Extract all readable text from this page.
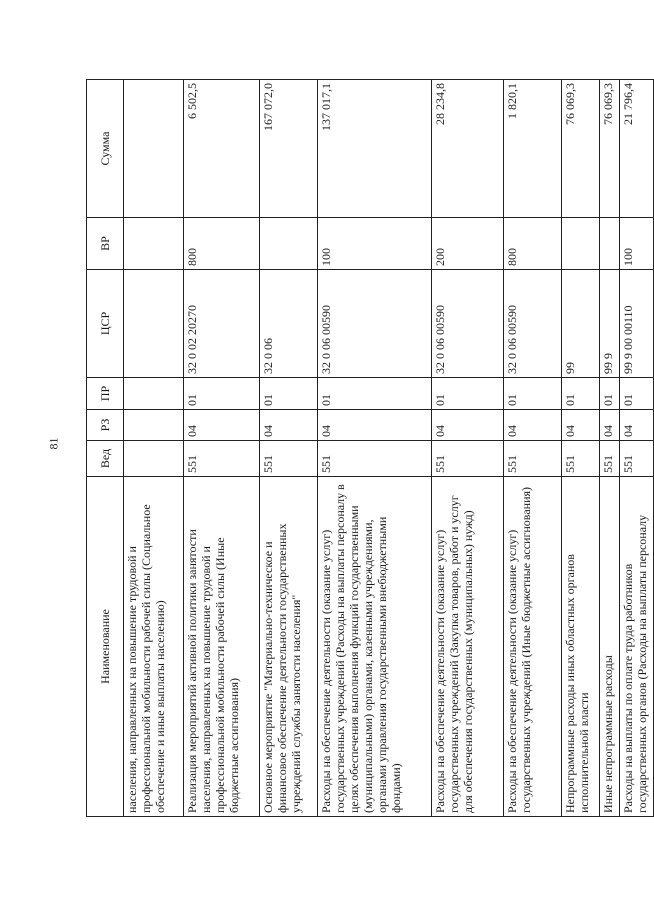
81
Наименование	Вед	РЗ	ПР	ЦСР	ВР	Сумма
населения, направленных на повышение трудовой и профессиональной мобильности рабочей силы (Социальное обеспечение и иные выплаты населению)						
Реализация мероприятий активной политики занятости населения, направленных на повышение трудовой и профессиональной мобильности рабочей силы (Иные бюджетные ассигнования)	551	04	01	32 0 02 20270	800	6 502,5
Основное мероприятие "Материально-техническое и финансовое обеспечение деятельности государственных учреждений службы занятости населения"	551	04	01	32 0 06		167 072,0
Расходы на обеспечение деятельности (оказание услуг) государственных учреждений (Расходы на выплаты персоналу в целях обеспечения выполнения функций государственными (муниципальными) органами, казенными учреждениями, органами управления государственными внебюджетными фондами)	551	04	01	32 0 06 00590	100	137 017,1
Расходы на обеспечение деятельности (оказание услуг) государственных учреждений (Закупка товаров, работ и услуг для обеспечения государственных (муниципальных) нужд)	551	04	01	32 0 06 00590	200	28 234,8
Расходы на обеспечение деятельности (оказание услуг) государственных учреждений (Иные бюджетные ассигнования)	551	04	01	32 0 06 00590	800	1 820,1
Непрограммные расходы иных областных органов исполнительной власти	551	04	01	99		76 069,3
Иные непрограммные расходы	551	04	01	99 9		76 069,3
Расходы на выплаты по оплате труда работников государственных органов (Расходы на выплаты персоналу	551	04	01	99 9 00 00110	100	21 796,4
